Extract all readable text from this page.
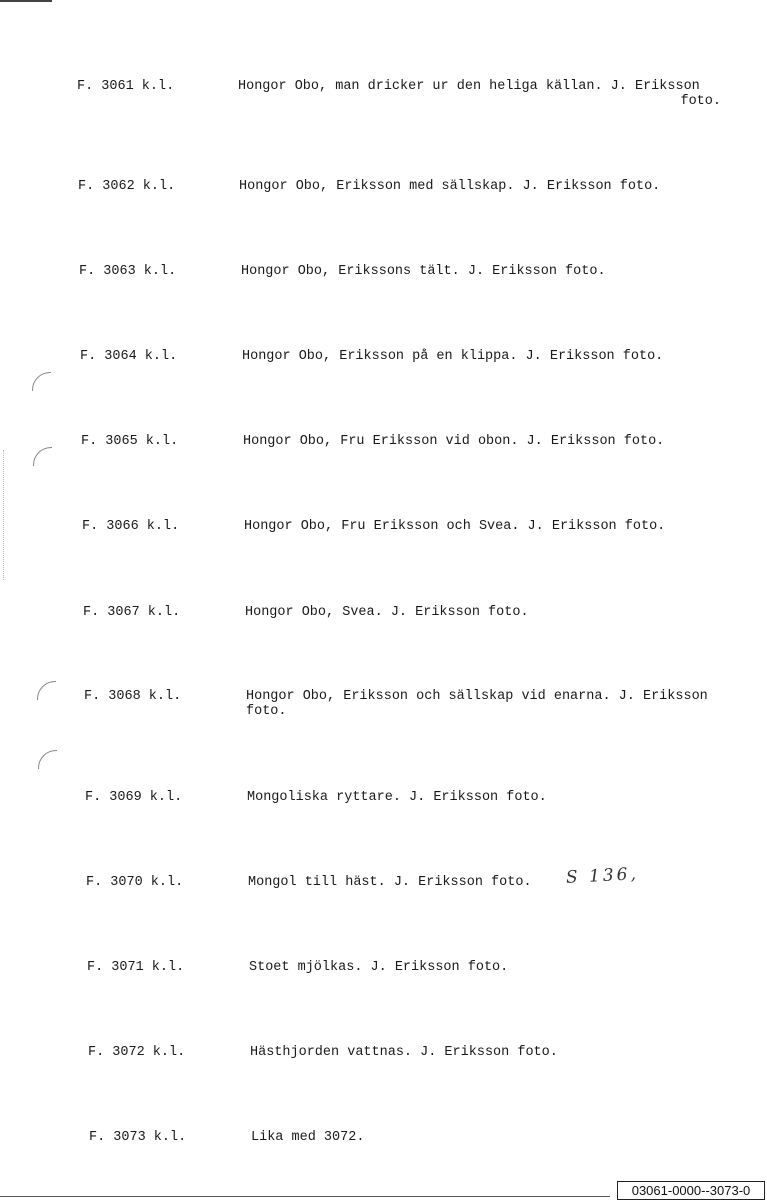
F. 3061 k.l.	Hongor Obo, man dricker ur den heliga källan. J. Eriksson
foto.
F. 3062 k.l.	Hongor Obo, Eriksson med sällskap. J. Eriksson foto.
F. 3063 k.l.	Hongor Obo, Erikssons tält. J. Eriksson foto.
F. 3064 k.l.	Hongor Obo, Eriksson på en klippa. J. Eriksson foto.
F. 3065 k.l.	Hongor Obo, Fru Eriksson vid obon. J. Eriksson foto.
F. 3066 k.l.	Hongor Obo, Fru Eriksson och Svea. J. Eriksson foto.
F. 3067 k.l.	Hongor Obo, Svea. J. Eriksson foto.
F. 3068 k.l.	Hongor Obo, Eriksson och sällskap vid enarna. J. Eriksson
foto.
F. 3069 k.l.	Mongoliska ryttare. J. Eriksson foto.
F. 3070 k.l.	Mongol till häst. J. Eriksson foto. S 136,
F. 3071 k.l.	Stoet mjölkas. J. Eriksson foto.
F. 3072 k.l.	Hästhjorden vattnas. J. Eriksson foto.
F. 3073 k.l.	Lika med 3072.
03061-0000--3073-0
